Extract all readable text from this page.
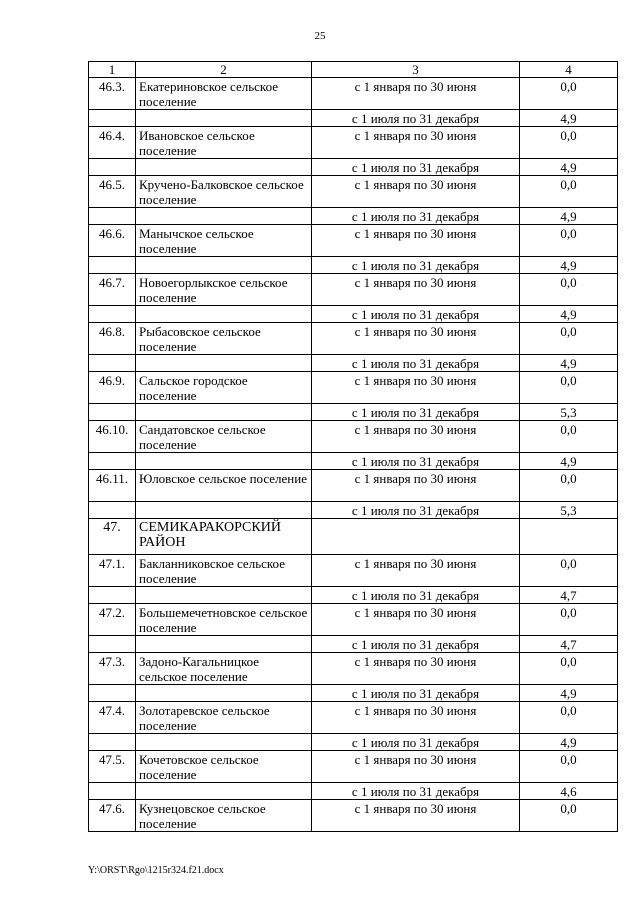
25
1	2	3	4
46.3.	Екатериновское сельское поселение	с 1 января по 30 июня	0,0
		с 1 июля по 31 декабря	4,9
46.4.	Ивановское сельское поселение	с 1 января по 30 июня	0,0
		с 1 июля по 31 декабря	4,9
46.5.	Кручено-Балковское сельское поселение	с 1 января по 30 июня	0,0
		с 1 июля по 31 декабря	4,9
46.6.	Манычское сельское поселение	с 1 января по 30 июня	0,0
		с 1 июля по 31 декабря	4,9
46.7.	Новоегорлыкское сельское поселение	с 1 января по 30 июня	0,0
		с 1 июля по 31 декабря	4,9
46.8.	Рыбасовское сельское поселение	с 1 января по 30 июня	0,0
		с 1 июля по 31 декабря	4,9
46.9.	Сальское городское поселение	с 1 января по 30 июня	0,0
		с 1 июля по 31 декабря	5,3
46.10.	Сандатовское сельское поселение	с 1 января по 30 июня	0,0
		с 1 июля по 31 декабря	4,9
46.11.	Юловское сельское поселение	с 1 января по 30 июня	0,0
		с 1 июля по 31 декабря	5,3
47.	СЕМИКАРАКОРСКИЙ РАЙОН		
47.1.	Бакланниковское сельское поселение	с 1 января по 30 июня	0,0
		с 1 июля по 31 декабря	4,7
47.2.	Большемечетновское сельское поселение	с 1 января по 30 июня	0,0
		с 1 июля по 31 декабря	4,7
47.3.	Задоно-Кагальницкое сельское поселение	с 1 января по 30 июня	0,0
		с 1 июля по 31 декабря	4,9
47.4.	Золотаревское сельское поселение	с 1 января по 30 июня	0,0
		с 1 июля по 31 декабря	4,9
47.5.	Кочетовское сельское поселение	с 1 января по 30 июня	0,0
		с 1 июля по 31 декабря	4,6
47.6.	Кузнецовское сельское поселение	с 1 января по 30 июня	0,0
Y:\ORST\Rgo\1215r324.f21.docx
